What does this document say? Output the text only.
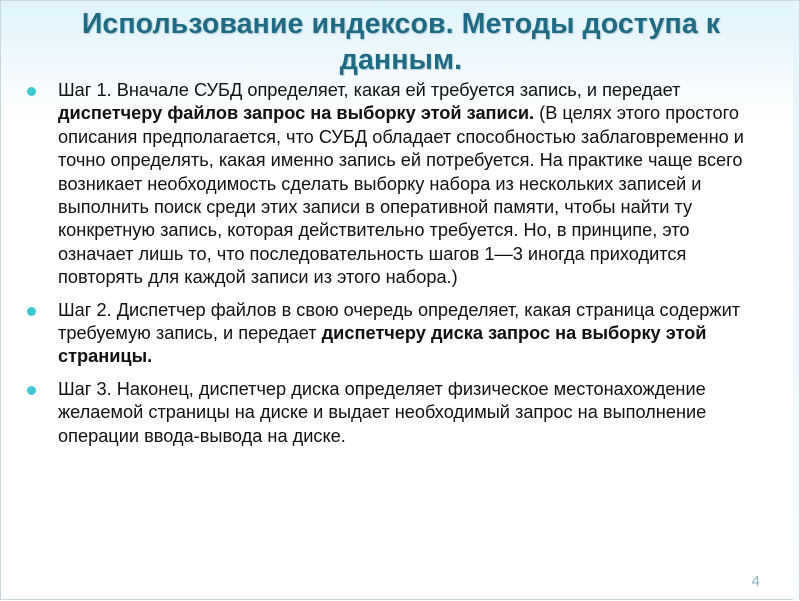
Использование индексов. Методы доступа к данным.
Шаг 1. Вначале СУБД определяет, какая ей требуется запись, и передает диспетчеру файлов запрос на выборку этой записи. (В целях этого простого описания предполагается, что СУБД обладает способностью заблаговременно и точно определять, какая именно запись ей потребуется. На практике чаще всего возникает необходимость сделать выборку набора из нескольких записей и выполнить поиск среди этих записи в оперативной памяти, чтобы найти ту конкретную запись, которая действительно требуется. Но, в принципе, это означает лишь то, что последовательность шагов 1—3 иногда приходится повторять для каждой записи из этого набора.)
Шаг 2. Диспетчер файлов в свою очередь определяет, какая страница содержит требуемую запись, и передает диспетчеру диска запрос на выборку этой страницы.
Шаг 3. Наконец, диспетчер диска определяет физическое местонахождение желаемой страницы на диске и выдает необходимый запрос на выполнение операции ввода-вывода на диске.
4
